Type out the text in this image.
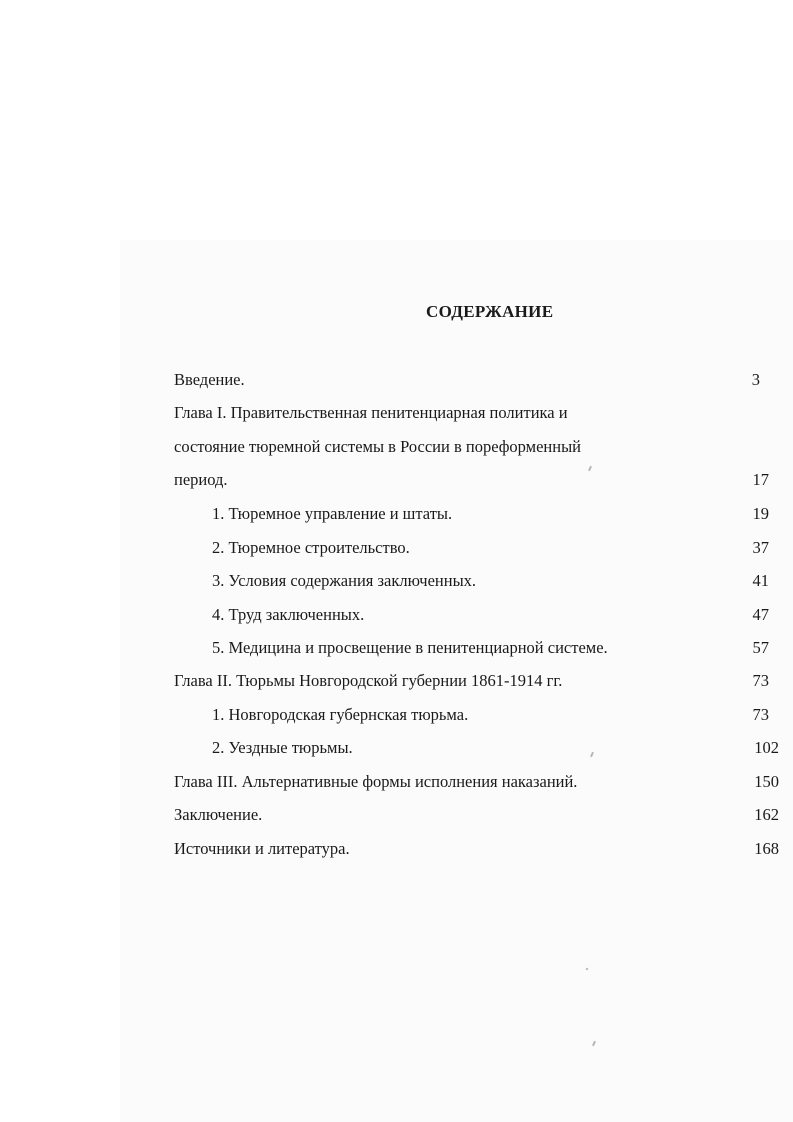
СОДЕРЖАНИЕ
Введение.	3
Глава I. Правительственная пенитенциарная политика и
состояние тюремной системы в России в пореформенный
период.	17
1. Тюремное управление и штаты.	19
2. Тюремное строительство.	37
3. Условия содержания заключенных.	41
4. Труд заключенных.	47
5. Медицина и просвещение в пенитенциарной системе.	57
Глава II. Тюрьмы Новгородской губернии 1861-1914 гг.	73
1. Новгородская губернская тюрьма.	73
2. Уездные тюрьмы.	102
Глава III. Альтернативные формы исполнения наказаний.	150
Заключение.	162
Источники и литература.	168
